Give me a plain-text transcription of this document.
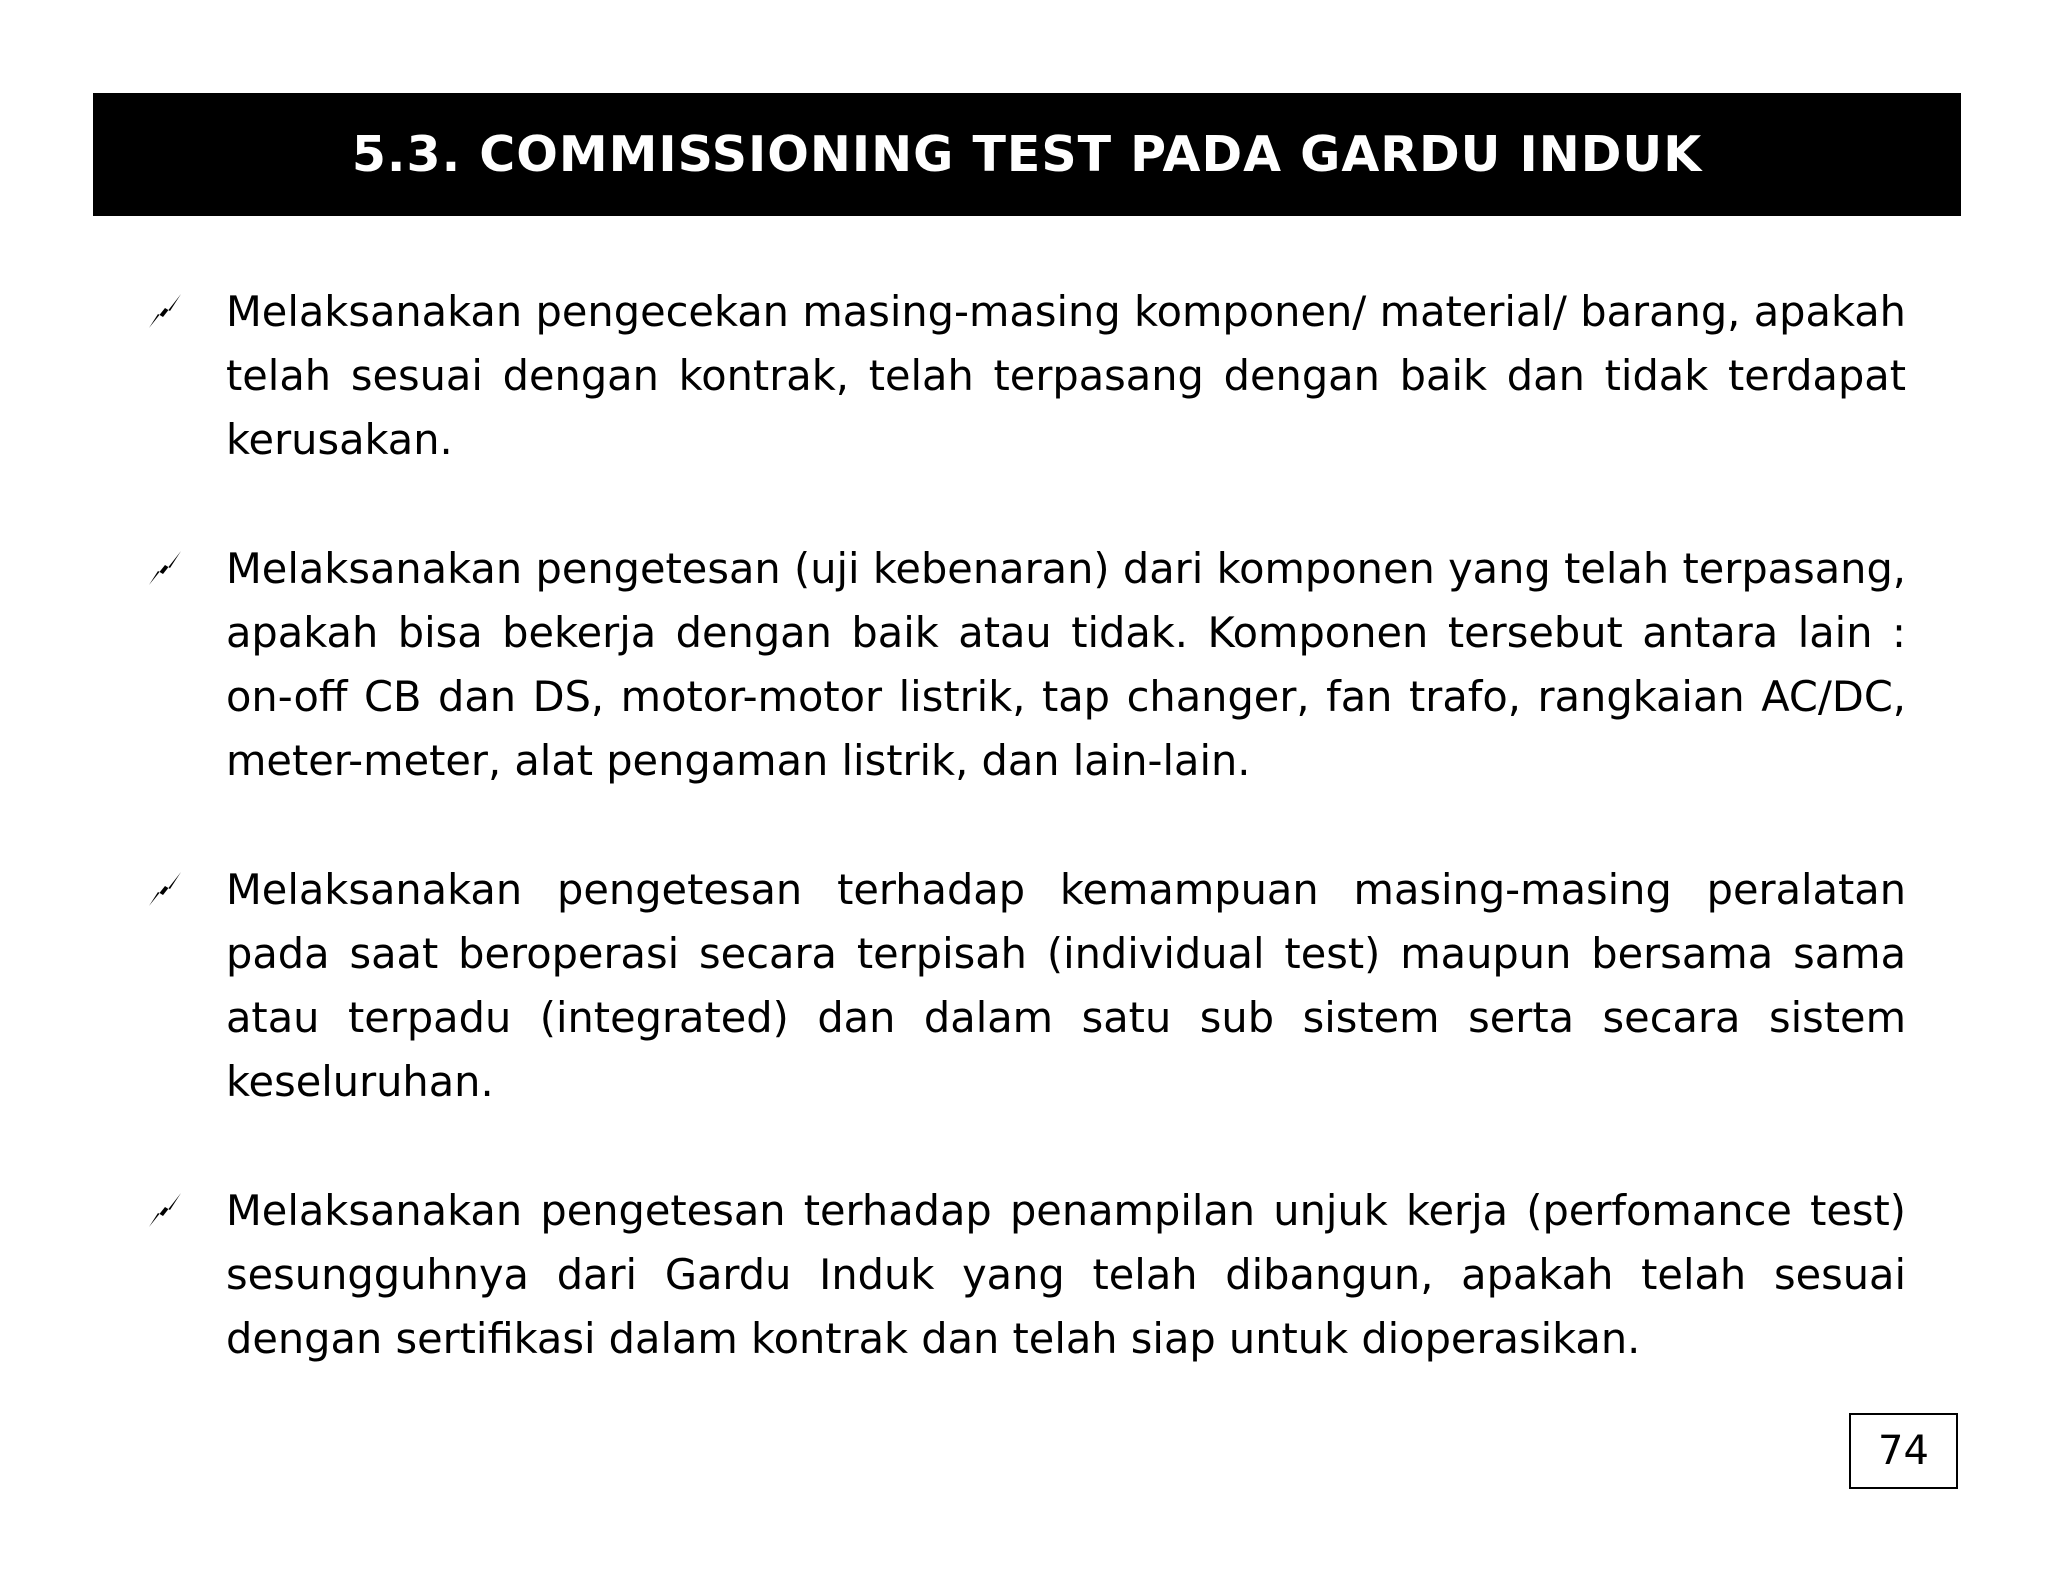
5.3. COMMISSIONING TEST PADA GARDU INDUK

Melaksanakan pengecekan masing-masing komponen/ material/ barang, apakah telah sesuai dengan kontrak, telah terpasang dengan baik dan tidak terdapat kerusakan.

Melaksanakan pengetesan (uji kebenaran) dari komponen yang telah terpasang, apakah bisa bekerja dengan baik atau tidak. Komponen tersebut antara lain : on-off CB dan DS, motor-motor listrik, tap changer, fan trafo, rangkaian AC/DC, meter-meter, alat pengaman listrik, dan lain-lain.

Melaksanakan pengetesan terhadap kemampuan masing-masing peralatan pada saat beroperasi secara terpisah (individual test) maupun bersama sama atau terpadu (integrated) dan dalam satu sub sistem serta secara sistem keseluruhan.

Melaksanakan pengetesan terhadap penampilan unjuk kerja (perfomance test) sesungguhnya dari Gardu Induk yang telah dibangun, apakah telah sesuai dengan sertifikasi dalam kontrak dan telah siap untuk dioperasikan.

74
